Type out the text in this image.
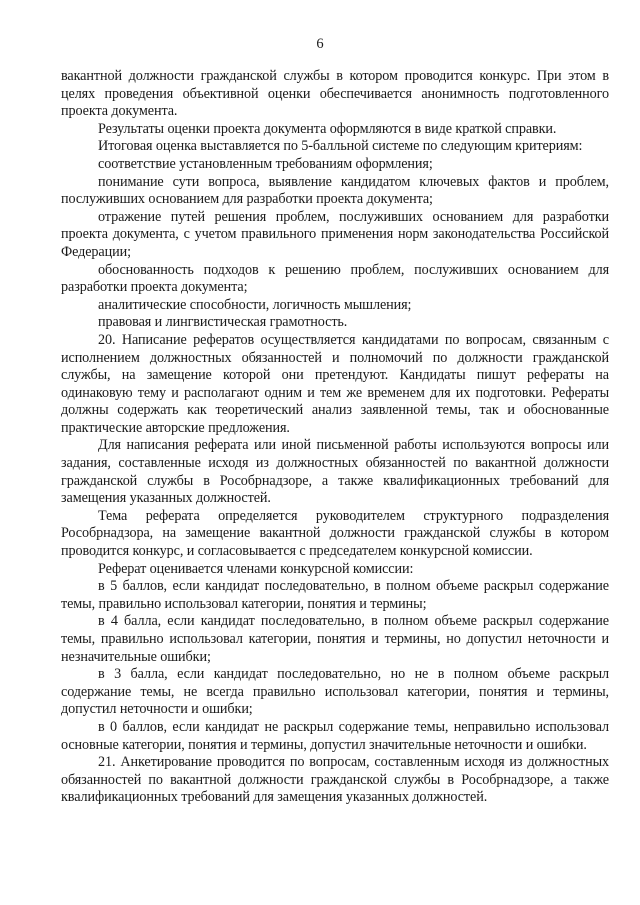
6

вакантной должности гражданской службы в котором проводится конкурс. При этом в целях проведения объективной оценки обеспечивается анонимность подготовленного проекта документа.

Результаты оценки проекта документа оформляются в виде краткой справки.

Итоговая оценка выставляется по 5-балльной системе по следующим критериям:

соответствие установленным требованиям оформления;

понимание сути вопроса, выявление кандидатом ключевых фактов и проблем, послуживших основанием для разработки проекта документа;

отражение путей решения проблем, послуживших основанием для разработки проекта документа, с учетом правильного применения норм законодательства Российской Федерации;

обоснованность подходов к решению проблем, послуживших основанием для разработки проекта документа;

аналитические способности, логичность мышления;

правовая и лингвистическая грамотность.

20. Написание рефератов осуществляется кандидатами по вопросам, связанным с исполнением должностных обязанностей и полномочий по должности гражданской службы, на замещение которой они претендуют. Кандидаты пишут рефераты на одинаковую тему и располагают одним и тем же временем для их подготовки. Рефераты должны содержать как теоретический анализ заявленной темы, так и обоснованные практические авторские предложения.

Для написания реферата или иной письменной работы используются вопросы или задания, составленные исходя из должностных обязанностей по вакантной должности гражданской службы в Рособрнадзоре, а также квалификационных требований для замещения указанных должностей.

Тема реферата определяется руководителем структурного подразделения Рособрнадзора, на замещение вакантной должности гражданской службы в котором проводится конкурс, и согласовывается с председателем конкурсной комиссии.

Реферат оценивается членами конкурсной комиссии:

в 5 баллов, если кандидат последовательно, в полном объеме раскрыл содержание темы, правильно использовал категории, понятия и термины;

в 4 балла, если кандидат последовательно, в полном объеме раскрыл содержание темы, правильно использовал категории, понятия и термины, но допустил неточности и незначительные ошибки;

в 3 балла, если кандидат последовательно, но не в полном объеме раскрыл содержание темы, не всегда правильно использовал категории, понятия и термины, допустил неточности и ошибки;

в 0 баллов, если кандидат не раскрыл содержание темы, неправильно использовал основные категории, понятия и термины, допустил значительные неточности и ошибки.

21. Анкетирование проводится по вопросам, составленным исходя из должностных обязанностей по вакантной должности гражданской службы в Рособрнадзоре, а также квалификационных требований для замещения указанных должностей.
